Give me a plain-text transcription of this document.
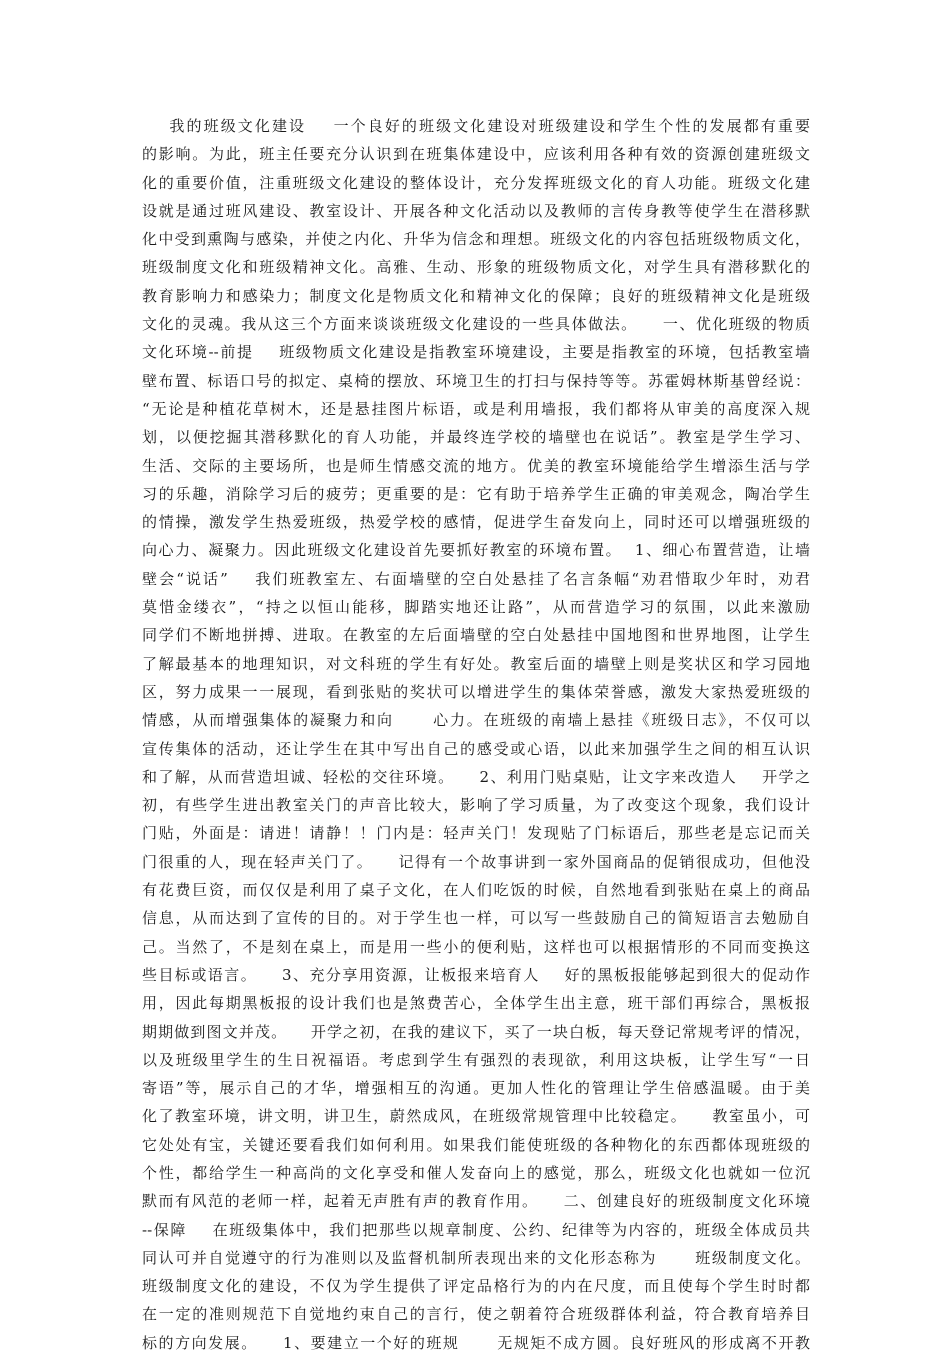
我的班级文化建设    一个良好的班级文化建设对班级建设和学生个性的发展都有重要
的影响。为此，班主任要充分认识到在班集体建设中，应该利用各种有效的资源创建班级文
化的重要价值，注重班级文化建设的整体设计，充分发挥班级文化的育人功能。班级文化建
设就是通过班风建设、教室设计、开展各种文化活动以及教师的言传身教等使学生在潜移默
化中受到熏陶与感染，并使之内化、升华为信念和理想。班级文化的内容包括班级物质文化，
班级制度文化和班级精神文化。高雅、生动、形象的班级物质文化，对学生具有潜移默化的
教育影响力和感染力；制度文化是物质文化和精神文化的保障；良好的班级精神文化是班级
文化的灵魂。我从这三个方面来谈谈班级文化建设的一些具体做法。    一、优化班级的物质
文化环境--前提    班级物质文化建设是指教室环境建设，主要是指教室的环境，包括教室墙
壁布置、标语口号的拟定、桌椅的摆放、环境卫生的打扫与保持等等。苏霍姆林斯基曾经说：
“无论是种植花草树木，还是悬挂图片标语，或是利用墙报，我们都将从审美的高度深入规
划，以便挖掘其潜移默化的育人功能，并最终连学校的墙壁也在说话”。教室是学生学习、
生活、交际的主要场所，也是师生情感交流的地方。优美的教室环境能给学生增添生活与学
习的乐趣，消除学习后的疲劳；更重要的是：它有助于培养学生正确的审美观念，陶冶学生
的情操，激发学生热爱班级，热爱学校的感情，促进学生奋发向上，同时还可以增强班级的
向心力、凝聚力。因此班级文化建设首先要抓好教室的环境布置。  1、细心布置营造，让墙
壁会“说话”    我们班教室左、右面墙壁的空白处悬挂了名言条幅“劝君惜取少年时，劝君
莫惜金缕衣”，“持之以恒山能移，脚踏实地还让路”，从而营造学习的氛围，以此来激励
同学们不断地拼搏、进取。在教室的左后面墙壁的空白处悬挂中国地图和世界地图，让学生
了解最基本的地理知识，对文科班的学生有好处。教室后面的墙壁上则是奖状区和学习园地
区，努力成果一一展现，看到张贴的奖状可以增进学生的集体荣誉感，激发大家热爱班级的
情感，从而增强集体的凝聚力和向      心力。在班级的南墙上悬挂《班级日志》，不仅可以
宣传集体的活动，还让学生在其中写出自己的感受或心语，以此来加强学生之间的相互认识
和了解，从而营造坦诚、轻松的交往环境。    2、利用门贴桌贴，让文字来改造人    开学之
初，有些学生进出教室关门的声音比较大，影响了学习质量，为了改变这个现象，我们设计
门贴，外面是：请进！请静！！门内是：轻声关门！发现贴了门标语后，那些老是忘记而关
门很重的人，现在轻声关门了。    记得有一个故事讲到一家外国商品的促销很成功，但他没
有花费巨资，而仅仅是利用了桌子文化，在人们吃饭的时候，自然地看到张贴在桌上的商品
信息，从而达到了宣传的目的。对于学生也一样，可以写一些鼓励自己的简短语言去勉励自
己。当然了，不是刻在桌上，而是用一些小的便利贴，这样也可以根据情形的不同而变换这
些目标或语言。    3、充分享用资源，让板报来培育人    好的黑板报能够起到很大的促动作
用，因此每期黑板报的设计我们也是煞费苦心，全体学生出主意，班干部们再综合，黑板报
期期做到图文并茂。    开学之初，在我的建议下，买了一块白板，每天登记常规考评的情况，
以及班级里学生的生日祝福语。考虑到学生有强烈的表现欲，利用这块板，让学生写“一日
寄语”等，展示自己的才华，增强相互的沟通。更加人性化的管理让学生倍感温暖。由于美
化了教室环境，讲文明，讲卫生，蔚然成风，在班级常规管理中比较稳定。    教室虽小，可
它处处有宝，关键还要看我们如何利用。如果我们能使班级的各种物化的东西都体现班级的
个性，都给学生一种高尚的文化享受和催人发奋向上的感觉，那么，班级文化也就如一位沉
默而有风范的老师一样，起着无声胜有声的教育作用。    二、创建良好的班级制度文化环境
--保障    在班级集体中，我们把那些以规章制度、公约、纪律等为内容的，班级全体成员共
同认可并自觉遵守的行为准则以及监督机制所表现出来的文化形态称为      班级制度文化。
班级制度文化的建设，不仅为学生提供了评定品格行为的内在尺度，而且使每个学生时时都
在一定的准则规范下自觉地约束自己的言行，使之朝着符合班级群体利益，符合教育培养目
标的方向发展。    1、要建立一个好的班规      无规矩不成方圆。良好班风的形成离不开教
